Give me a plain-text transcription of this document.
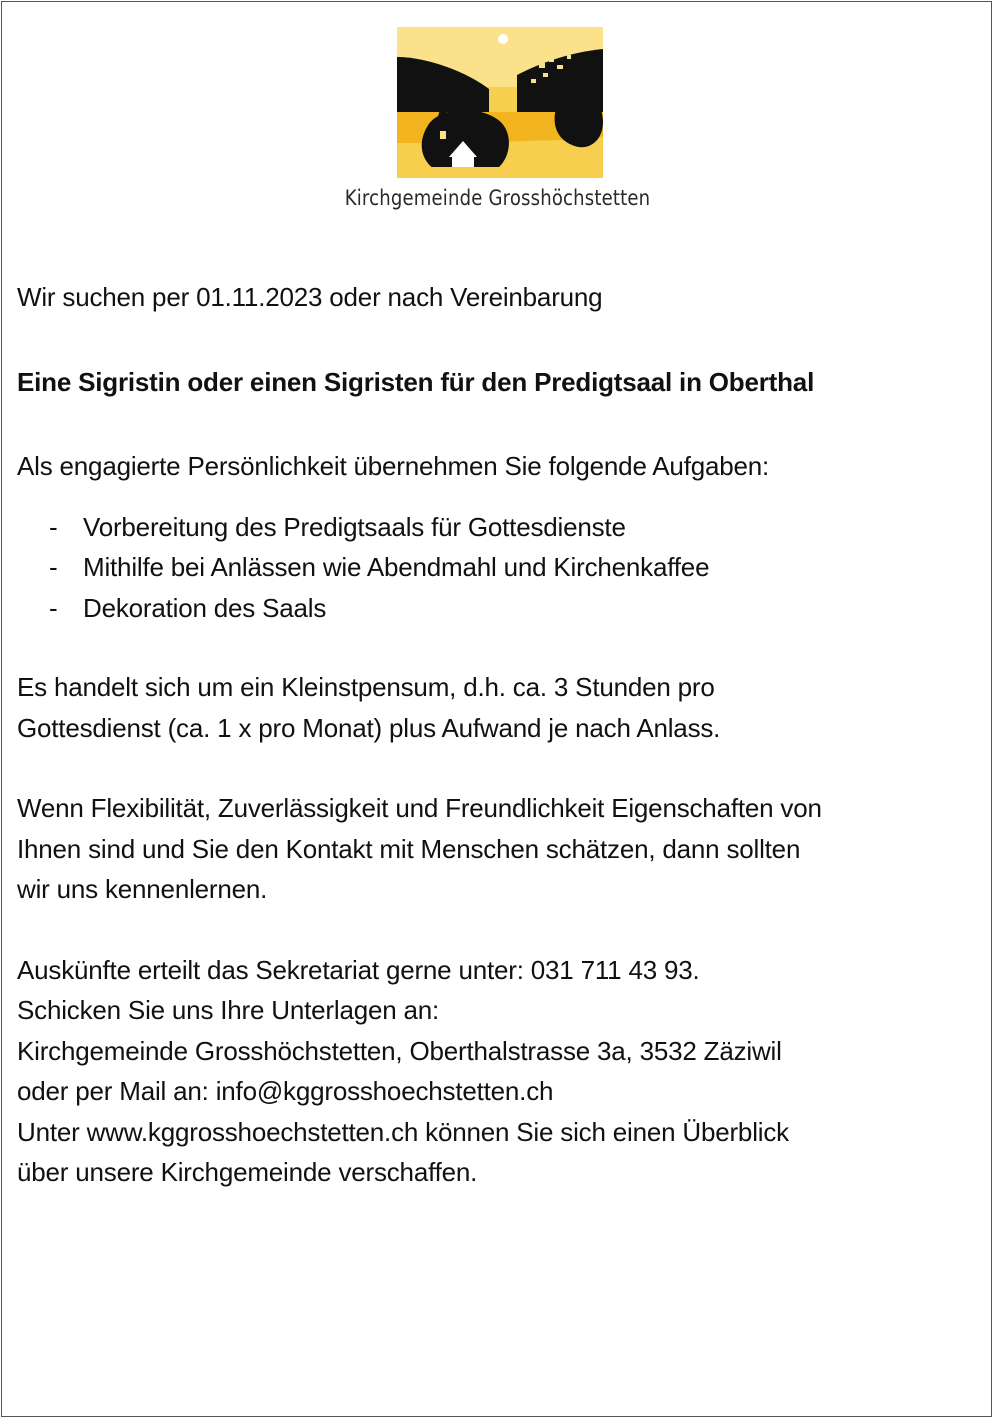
Kirchgemeinde Grosshöchstetten

Wir suchen per 01.11.2023 oder nach Vereinbarung

Eine Sigristin oder einen Sigristen für den Predigtsaal in Oberthal

Als engagierte Persönlichkeit übernehmen Sie folgende Aufgaben:

- Vorbereitung des Predigtsaals für Gottesdienste
- Mithilfe bei Anlässen wie Abendmahl und Kirchenkaffee
- Dekoration des Saals

Es handelt sich um ein Kleinstpensum, d.h. ca. 3 Stunden pro

Gottesdienst (ca. 1 x pro Monat) plus Aufwand je nach Anlass.

Wenn Flexibilität, Zuverlässigkeit und Freundlichkeit Eigenschaften von

Ihnen sind und Sie den Kontakt mit Menschen schätzen, dann sollten

wir uns kennenlernen.

Auskünfte erteilt das Sekretariat gerne unter: 031 711 43 93.

Schicken Sie uns Ihre Unterlagen an:

Kirchgemeinde Grosshöchstetten, Oberthalstrasse 3a, 3532 Zäziwil

oder per Mail an: info@kggrosshoechstetten.ch

Unter www.kggrosshoechstetten.ch können Sie sich einen Überblick

über unsere Kirchgemeinde verschaffen.
